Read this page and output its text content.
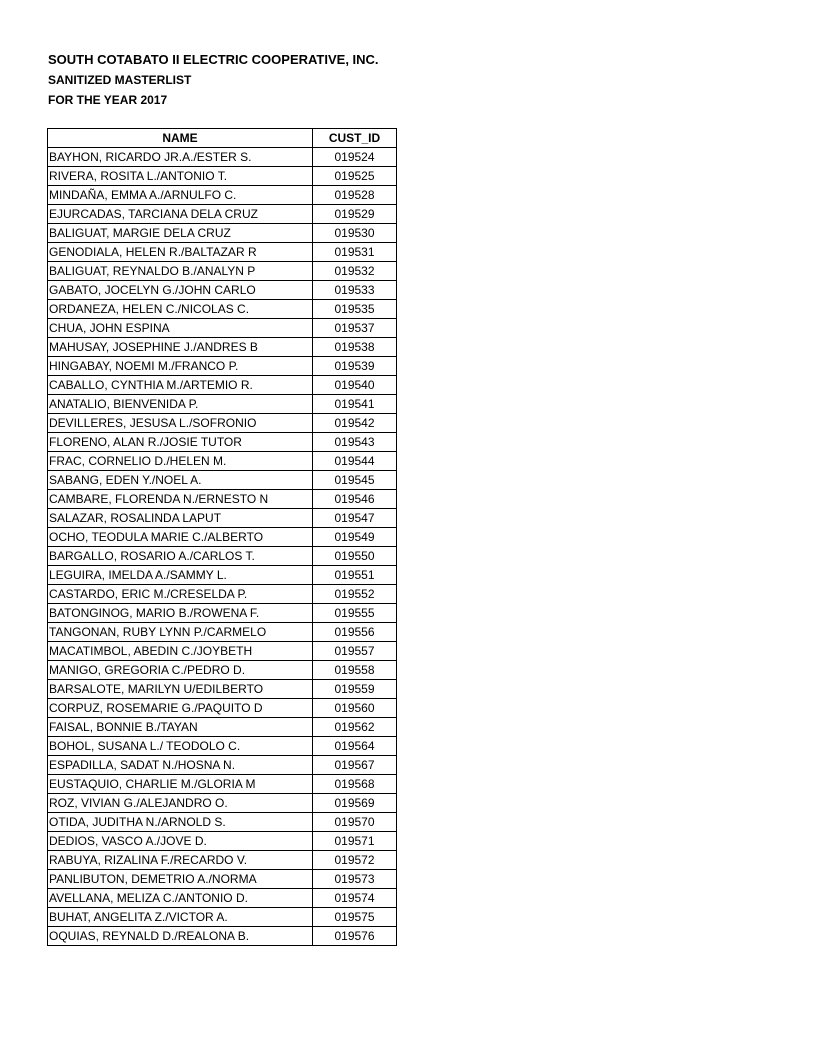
SOUTH COTABATO II ELECTRIC COOPERATIVE, INC.
SANITIZED MASTERLIST
FOR THE YEAR 2017
NAME	CUST_ID
BAYHON, RICARDO JR.A./ESTER S.	019524
RIVERA, ROSITA L./ANTONIO T.	019525
MINDAÑA, EMMA A./ARNULFO C.	019528
EJURCADAS, TARCIANA DELA CRUZ	019529
BALIGUAT, MARGIE DELA CRUZ	019530
GENODIALA, HELEN R./BALTAZAR R	019531
BALIGUAT, REYNALDO B./ANALYN P	019532
GABATO, JOCELYN G./JOHN CARLO	019533
ORDANEZA, HELEN C./NICOLAS C.	019535
CHUA, JOHN ESPINA	019537
MAHUSAY, JOSEPHINE J./ANDRES B	019538
HINGABAY, NOEMI M./FRANCO P.	019539
CABALLO, CYNTHIA M./ARTEMIO R.	019540
ANATALIO, BIENVENIDA P.	019541
DEVILLERES, JESUSA L./SOFRONIO	019542
FLORENO, ALAN R./JOSIE TUTOR	019543
FRAC, CORNELIO D./HELEN M.	019544
SABANG, EDEN Y./NOEL A.	019545
CAMBARE, FLORENDA N./ERNESTO N	019546
SALAZAR, ROSALINDA LAPUT	019547
OCHO, TEODULA MARIE C./ALBERTO	019549
BARGALLO, ROSARIO A./CARLOS T.	019550
LEGUIRA, IMELDA A./SAMMY L.	019551
CASTARDO, ERIC M./CRESELDA P.	019552
BATONGINOG, MARIO B./ROWENA F.	019555
TANGONAN, RUBY LYNN P./CARMELO	019556
MACATIMBOL, ABEDIN C./JOYBETH	019557
MANIGO, GREGORIA C./PEDRO D.	019558
BARSALOTE, MARILYN U/EDILBERTO	019559
CORPUZ, ROSEMARIE G./PAQUITO D	019560
FAISAL, BONNIE B./TAYAN	019562
BOHOL, SUSANA L./ TEODOLO C.	019564
ESPADILLA, SADAT N./HOSNA N.	019567
EUSTAQUIO, CHARLIE M./GLORIA M	019568
ROZ, VIVIAN G./ALEJANDRO O.	019569
OTIDA, JUDITHA N./ARNOLD S.	019570
DEDIOS, VASCO A./JOVE D.	019571
RABUYA, RIZALINA F./RECARDO V.	019572
PANLIBUTON, DEMETRIO A./NORMA	019573
AVELLANA, MELIZA C./ANTONIO D.	019574
BUHAT, ANGELITA Z./VICTOR A.	019575
OQUIAS, REYNALD D./REALONA B.	019576
